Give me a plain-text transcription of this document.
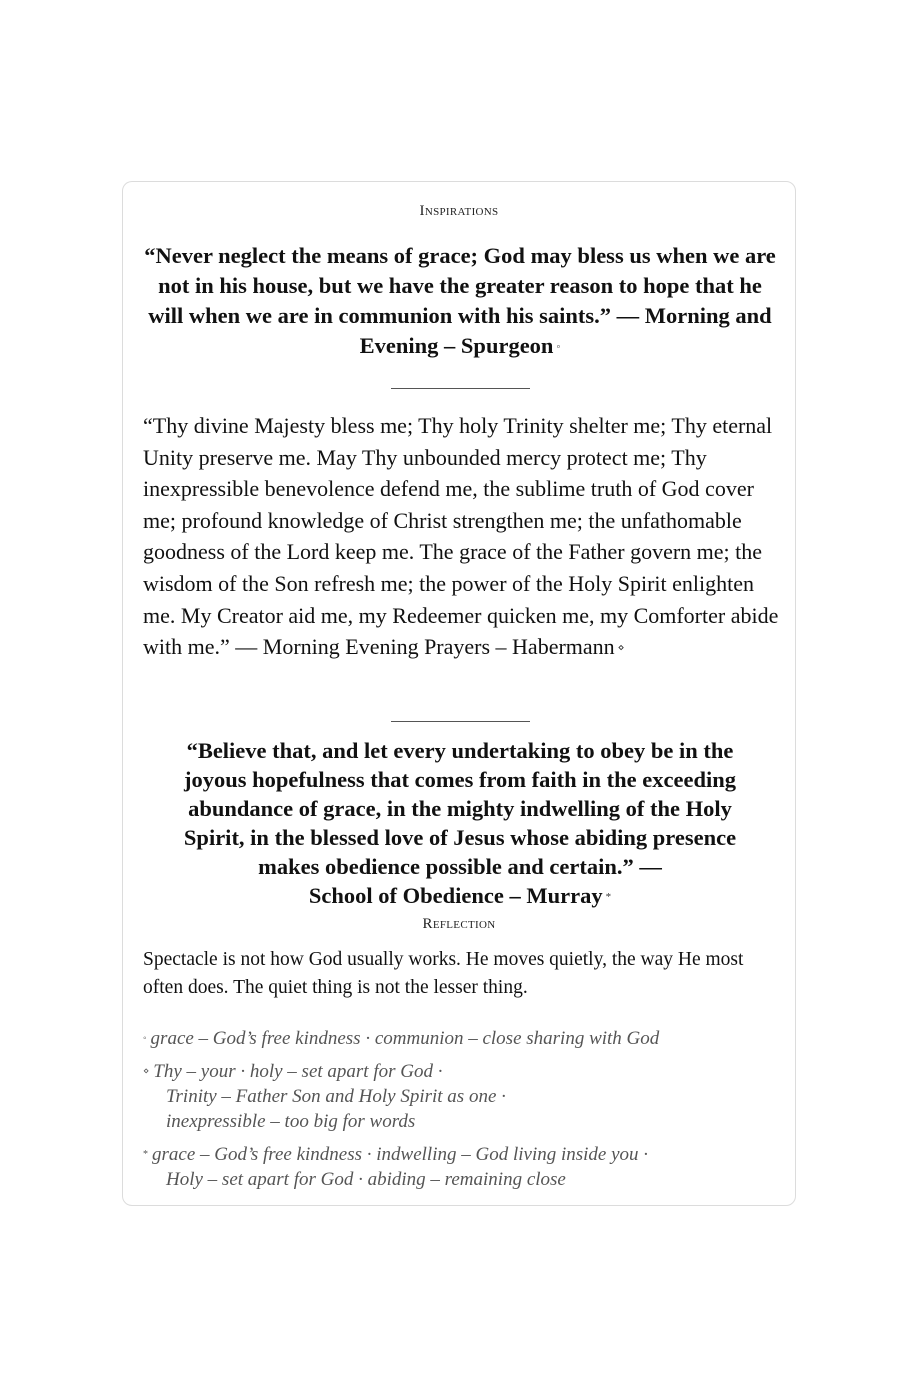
Inspirations
“Never neglect the means of grace; God may bless us when we are not in his house, but we have the greater reason to hope that he will when we are in communion with his saints.” — Morning and Evening – Spurgeon ◦
“Thy divine Majesty bless me; Thy holy Trinity shelter me; Thy eternal Unity preserve me. May Thy unbounded mercy protect me; Thy inexpressible benevolence defend me, the sublime truth of God cover me; profound knowledge of Christ strengthen me; the unfathomable goodness of the Lord keep me. The grace of the Father govern me; the wisdom of the Son refresh me; the power of the Holy Spirit enlighten me. My Creator aid me, my Redeemer quicken me, my Comforter abide with me.” — Morning Evening Prayers – Habermann ⋄
“Believe that, and let every undertaking to obey be in the joyous hopefulness that comes from faith in the exceeding abundance of grace, in the mighty indwelling of the Holy Spirit, in the blessed love of Jesus whose abiding presence makes obedience possible and certain.” —
School of Obedience – Murray *
Reflection
Spectacle is not how God usually works. He moves quietly, the way He most often does. The quiet thing is not the lesser thing.
◦ grace – God’s free kindness · communion – close sharing with God
⋄ Thy – your · holy – set apart for God ·
Trinity – Father Son and Holy Spirit as one ·
inexpressible – too big for words
* grace – God’s free kindness · indwelling – God living inside you ·
Holy – set apart for God · abiding – remaining close
